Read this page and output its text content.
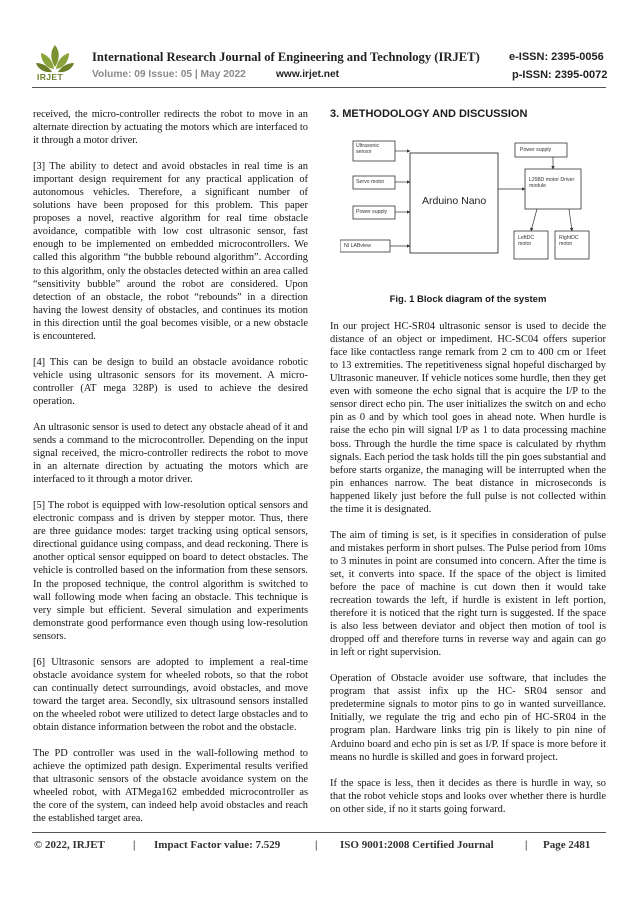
IRJET
International Research Journal of Engineering and Technology (IRJET)	e-ISSN: 2395-0056
Volume: 09 Issue: 05 | May 2022	www.irjet.net	p-ISSN: 2395-0072

received, the micro-controller redirects the robot to move in an alternate direction by actuating the motors which are interfaced to it through a motor driver.

[3] The ability to detect and avoid obstacles in real time is an important design requirement for any practical application of autonomous vehicles. Therefore, a significant number of solutions have been proposed for this problem. This paper proposes a novel, reactive algorithm for real time obstacle avoidance, compatible with low cost ultrasonic sensor, fast enough to be implemented on embedded microcontrollers. We called this algorithm “the bubble rebound algorithm”. According to this algorithm, only the obstacles detected within an area called “sensitivity bubble” around the robot are considered. Upon detection of an obstacle, the robot “rebounds” in a direction having the lowest density of obstacles, and continues its motion in this direction until the goal becomes visible, or a new obstacle is encountered.

[4] This can be design to build an obstacle avoidance robotic vehicle using ultrasonic sensors for its movement. A micro-controller (AT mega 328P) is used to achieve the desired operation.

An ultrasonic sensor is used to detect any obstacle ahead of it and sends a command to the microcontroller. Depending on the input signal received, the micro-controller redirects the robot to move in an alternate direction by actuating the motors which are interfaced to it through a motor driver.

[5] The robot is equipped with low-resolution optical sensors and electronic compass and is driven by stepper motor. Thus, there are three guidance modes: target tracking using optical sensors, directional guidance using compass, and dead reckoning. There is another optical sensor equipped on board to detect obstacles. The vehicle is controlled based on the information from these sensors. In the proposed technique, the control algorithm is switched to wall following mode when facing an obstacle. This technique is very simple but efficient. Several simulation and experiments demonstrate good performance even though using low-resolution sensors.

[6] Ultrasonic sensors are adopted to implement a real-time obstacle avoidance system for wheeled robots, so that the robot can continually detect surroundings, avoid obstacles, and move toward the target area. Secondly, six ultrasound sensors installed on the wheeled robot were utilized to detect large obstacles and to obtain distance information between the robot and the obstacle.

The PD controller was used in the wall-following method to achieve the optimized path design. Experimental results verified that ultrasonic sensors of the obstacle avoidance system on the wheeled robot, with ATMega162 embedded microcontroller as the core of the system, can indeed help avoid obstacles and reach the established target area.

3. METHODOLOGY AND DISCUSSION
Ultrasonic sensor
Servo motor
Power supply
Arduino Nano
Power supply
L298D motor Driver module
LeftDC motor
RightDC motor
NI LABview
Fig. 1 Block diagram of the system

In our project HC-SR04 ultrasonic sensor is used to decide the distance of an object or impediment. HC-SC04 offers superior face like contactless range remark from 2 cm to 400 cm or 1feet to 13 extremities. The repetitiveness signal hopeful discharged by Ultrasonic maneuver. If vehicle notices some hurdle, then they get even with someone the echo signal that is acquire the I/P to the sensor direct echo pin. The user initializes the switch on and echo pin as 0 and by which tool goes in ahead note. When hurdle is raise the echo pin will signal I/P as 1 to data processing machine boss. Through the hurdle the time space is calculated by rhythm signals. Each period the task holds till the pin goes substantial and before starts organize, the managing will be interrupted when the pin enhances narrow. The beat distance in microseconds is happened likely just before the full pulse is not collected within the time it is designated.

The aim of timing is set, is it specifies in consideration of pulse and mistakes perform in short pulses. The Pulse period from 10ms to 3 minutes in point are consumed into concern. After the time is set, it converts into space. If the space of the object is limited before the pace of machine is cut down then it would take recreation towards the left, if hurdle is existent in left portion, therefore it is noticed that the right turn is suggested. If the space is also less between deviator and object then motion of tool is dropped off and therefore turns in reverse way and again can go in left or right supervision.

Operation of Obstacle avoider use software, that includes the program that assist infix up the HC- SR04 sensor and predetermine signals to motor pins to go in wanted surveillance. Initially, we regulate the trig and echo pin of HC-SR04 in the program plan. Hardware links trig pin is likely to pin nine of Arduino board and echo pin is set as I/P. If space is more before it means no hurdle is skilled and goes in forward project.

If the space is less, then it decides as there is hurdle in way, so that the robot vehicle stops and looks over whether there is hurdle on other side, if no it starts going forward.

© 2022, IRJET	| Impact Factor value: 7.529	| ISO 9001:2008 Certified Journal	| Page 2481
